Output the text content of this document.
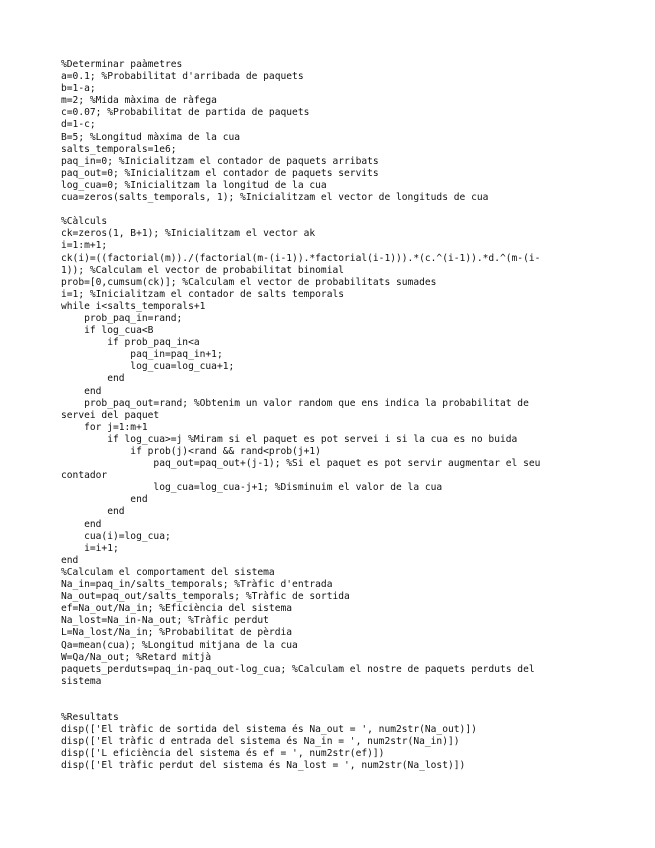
%Determinar paàmetres
a=0.1; %Probabilitat d'arribada de paquets
b=1-a;
m=2; %Mida màxima de ràfega
c=0.07; %Probabilitat de partida de paquets
d=1-c;
B=5; %Longitud màxima de la cua
salts_temporals=1e6;
paq_in=0; %Inicialitzam el contador de paquets arribats
paq_out=0; %Inicialitzam el contador de paquets servits
log_cua=0; %Inicialitzam la longitud de la cua
cua=zeros(salts_temporals, 1); %Inicialitzam el vector de longituds de cua
%Càlculs
ck=zeros(1, B+1); %Inicialitzam el vector ak
i=1:m+1;
ck(i)=((factorial(m))./(factorial(m-(i-1)).*factorial(i-1))).*(c.^(i-1)).*d.^(m-(i-
1)); %Calculam el vector de probabilitat binomial
prob=[0,cumsum(ck)]; %Calculam el vector de probabilitats sumades
i=1; %Inicialitzam el contador de salts temporals
while i<salts_temporals+1
prob_paq_in=rand;
if log_cua<B
if prob_paq_in<a
paq_in=paq_in+1;
log_cua=log_cua+1;
end
end
prob_paq_out=rand; %Obtenim un valor random que ens indica la probabilitat de
servei del paquet
for j=1:m+1
if log_cua>=j %Miram si el paquet es pot servei i si la cua es no buida
if prob(j)<rand && rand<prob(j+1)
paq_out=paq_out+(j-1); %Si el paquet es pot servir augmentar el seu
contador
log_cua=log_cua-j+1; %Disminuim el valor de la cua
end
end
end
cua(i)=log_cua;
i=i+1;
end
%Calculam el comportament del sistema
Na_in=paq_in/salts_temporals; %Tràfic d'entrada
Na_out=paq_out/salts_temporals; %Tràfic de sortida
ef=Na_out/Na_in; %Eficiència del sistema
Na_lost=Na_in-Na_out; %Tràfic perdut
L=Na_lost/Na_in; %Probabilitat de pèrdia
Qa=mean(cua); %Longitud mitjana de la cua
W=Qa/Na_out; %Retard mitjà
paquets_perduts=paq_in-paq_out-log_cua; %Calculam el nostre de paquets perduts del
sistema
%Resultats
disp(['El tràfic de sortida del sistema és Na_out = ', num2str(Na_out)])
disp(['El tràfic d entrada del sistema és Na_in = ', num2str(Na_in)])
disp(['L eficiència del sistema és ef = ', num2str(ef)])
disp(['El tràfic perdut del sistema és Na_lost = ', num2str(Na_lost)])
